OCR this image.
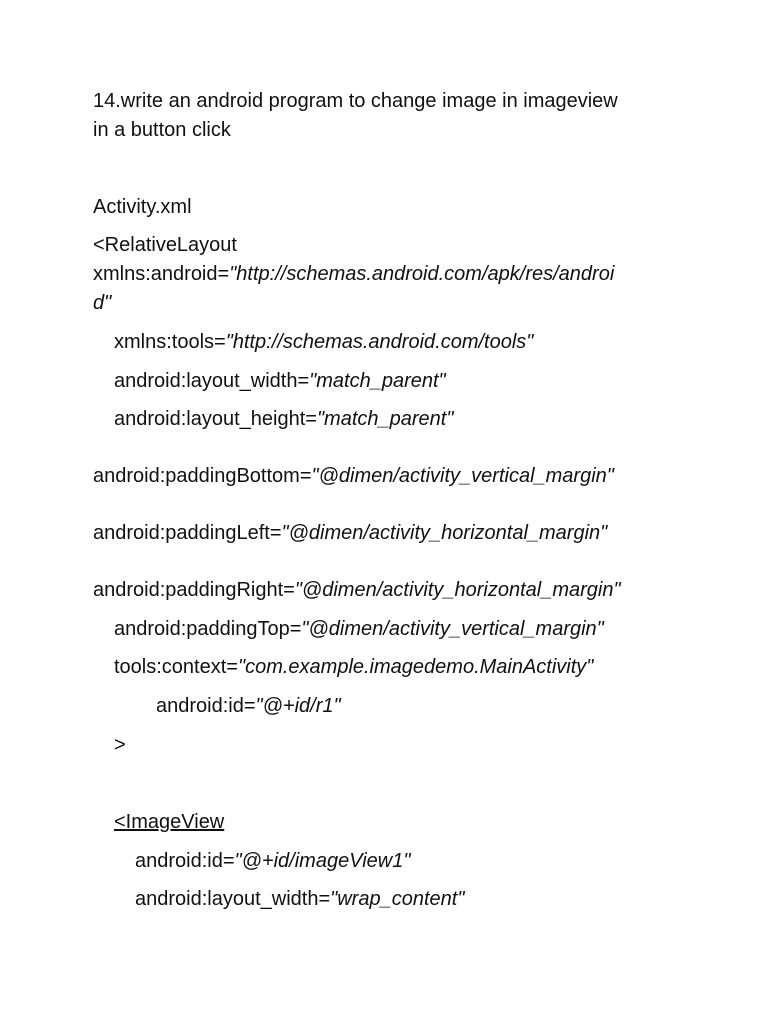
14.write an android program to change image in imageview
in a button click
Activity.xml
<RelativeLayout
xmlns:android="http://schemas.android.com/apk/res/androi
d"
xmlns:tools="http://schemas.android.com/tools"
android:layout_width="match_parent"
android:layout_height="match_parent"
android:paddingBottom="@dimen/activity_vertical_margin"
android:paddingLeft="@dimen/activity_horizontal_margin"
android:paddingRight="@dimen/activity_horizontal_margin"
android:paddingTop="@dimen/activity_vertical_margin"
tools:context="com.example.imagedemo.MainActivity"
android:id="@+id/r1"
>
<ImageView
android:id="@+id/imageView1"
android:layout_width="wrap_content"
